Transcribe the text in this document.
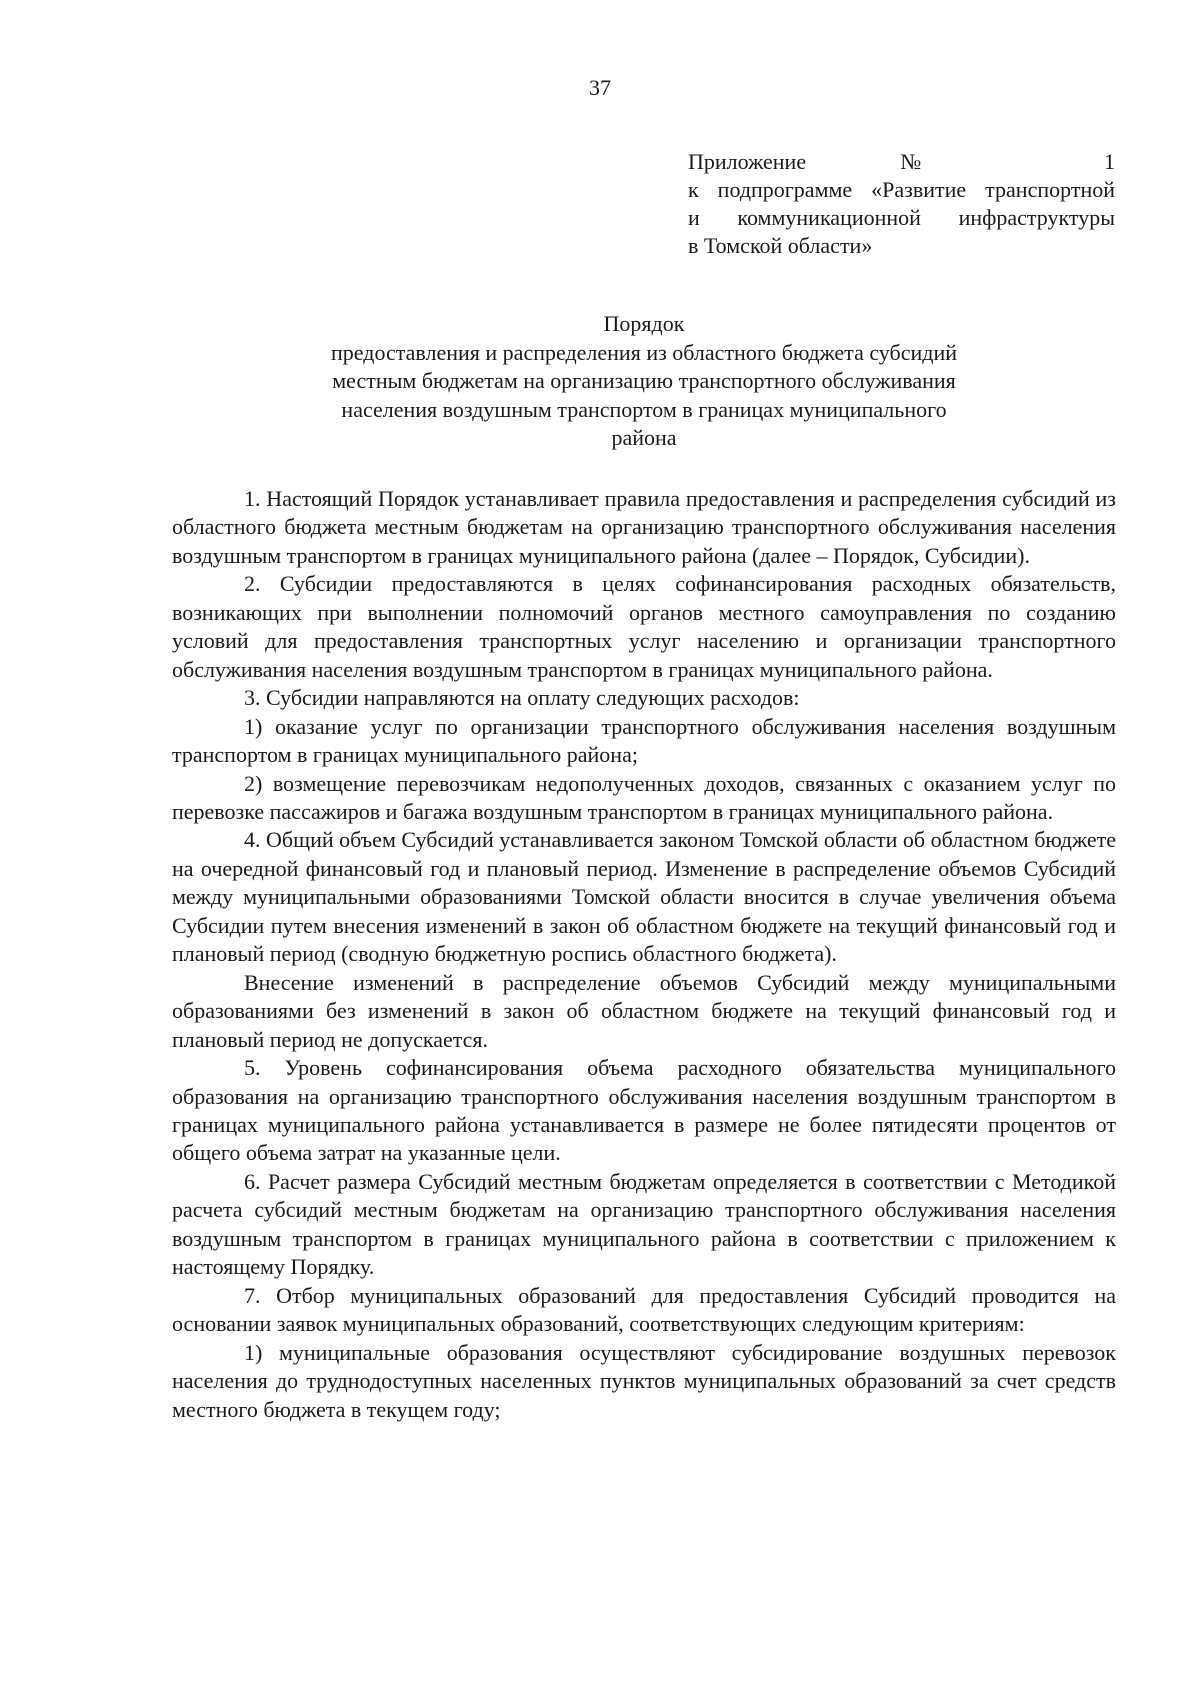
37
Приложение № 1
к подпрограмме «Развитие транспортной
и коммуникационной инфраструктуры
в Томской области»
Порядок
предоставления и распределения из областного бюджета субсидий
местным бюджетам на организацию транспортного обслуживания
населения воздушным транспортом в границах муниципального
района

1. Настоящий Порядок устанавливает правила предоставления и распределения субсидий из областного бюджета местным бюджетам на организацию транспортного обслуживания населения воздушным транспортом в границах муниципального района (далее – Порядок, Субсидии).

2. Субсидии предоставляются в целях софинансирования расходных обязательств, возникающих при выполнении полномочий органов местного самоуправления по созданию условий для предоставления транспортных услуг населению и организации транспортного обслуживания населения воздушным транспортом в границах муниципального района.

3. Субсидии направляются на оплату следующих расходов:

1) оказание услуг по организации транспортного обслуживания населения воздушным транспортом в границах муниципального района;

2) возмещение перевозчикам недополученных доходов, связанных с оказанием услуг по перевозке пассажиров и багажа воздушным транспортом в границах муниципального района.

4. Общий объем Субсидий устанавливается законом Томской области об областном бюджете на очередной финансовый год и плановый период. Изменение в распределение объемов Субсидий между муниципальными образованиями Томской области вносится в случае увеличения объема Субсидии путем внесения изменений в закон об областном бюджете на текущий финансовый год и плановый период (сводную бюджетную роспись областного бюджета).

Внесение изменений в распределение объемов Субсидий между муниципальными образованиями без изменений в закон об областном бюджете на текущий финансовый год и плановый период не допускается.

5. Уровень софинансирования объема расходного обязательства муниципального образования на организацию транспортного обслуживания населения воздушным транспортом в границах муниципального района устанавливается в размере не более пятидесяти процентов от общего объема затрат на указанные цели.

6. Расчет размера Субсидий местным бюджетам определяется в соответствии с Методикой расчета субсидий местным бюджетам на организацию транспортного обслуживания населения воздушным транспортом в границах муниципального района в соответствии с приложением к настоящему Порядку.

7. Отбор муниципальных образований для предоставления Субсидий проводится на основании заявок муниципальных образований, соответствующих следующим критериям:

1) муниципальные образования осуществляют субсидирование воздушных перевозок населения до труднодоступных населенных пунктов муниципальных образований за счет средств местного бюджета в текущем году;
